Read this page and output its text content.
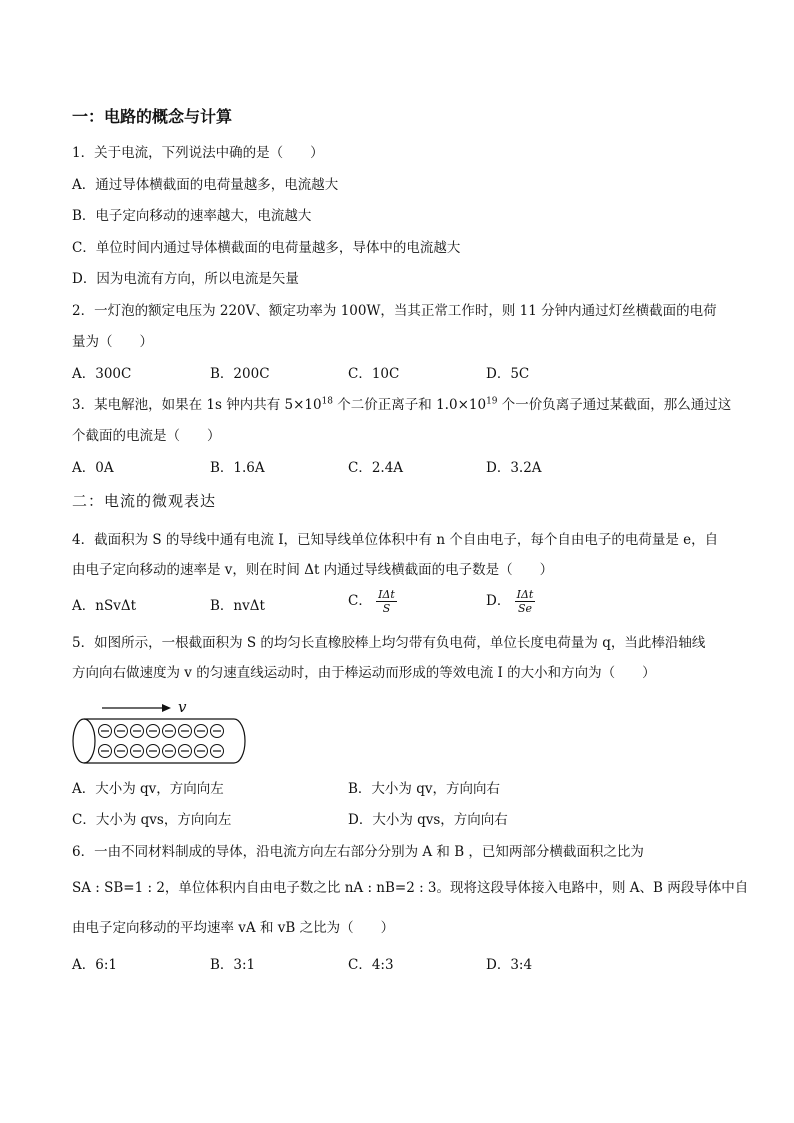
一：电路的概念与计算
1．关于电流，下列说法中确的是（　　）
A．通过导体横截面的电荷量越多，电流越大
B．电子定向移动的速率越大，电流越大
C．单位时间内通过导体横截面的电荷量越多，导体中的电流越大
D．因为电流有方向，所以电流是矢量
2．一灯泡的额定电压为 220V、额定功率为 100W，当其正常工作时，则 11 分钟内通过灯丝横截面的电荷
量为（　　）
A．300C	B．200C	C．10C	D．5C
3．某电解池，如果在 1s 钟内共有 $5\times 10^{18}$ 个二价正离子和 $1.0\times 10^{19}$ 个一价负离子通过某截面，那么通过这
个截面的电流是（　　）
A．0A	B．1.6A	C．2.4A	D．3.2A
二：电流的微观表达
4．截面积为 S 的导线中通有电流 I，已知导线单位体积中有 n 个自由电子，每个自由电子的电荷量是 e，自
由电子定向移动的速率是 v，则在时间 Δt 内通过导线横截面的电子数是（　　）
A．nSvΔt	B．nvΔt	C． $\frac{\text{IΔt}}{S}$	D． $\frac{\text{IΔt}}{Se}$
5．如图所示，一根截面积为 S 的均匀长直橡胶棒上均匀带有负电荷，单位长度电荷量为 q，当此棒沿轴线
方向向右做速度为 v 的匀速直线运动时，由于棒运动而形成的等效电流 I 的大小和方向为（　　）
v
A．大小为 qv，方向向左	B．大小为 qv，方向向右
C．大小为 qvs，方向向左	D．大小为 qvs，方向向右
6．一由不同材料制成的导体，沿电流方向左右部分分别为 A 和 B ，已知两部分横截面积之比为
SA : SB=1 : 2，单位体积内自由电子数之比 nA : nB=2 : 3。现将这段导体接入电路中，则 A、B 两段导体中自
由电子定向移动的平均速率 vA 和 vB 之比为（　　）
A．6:1	B．3:1	C．4:3	D．3:4
